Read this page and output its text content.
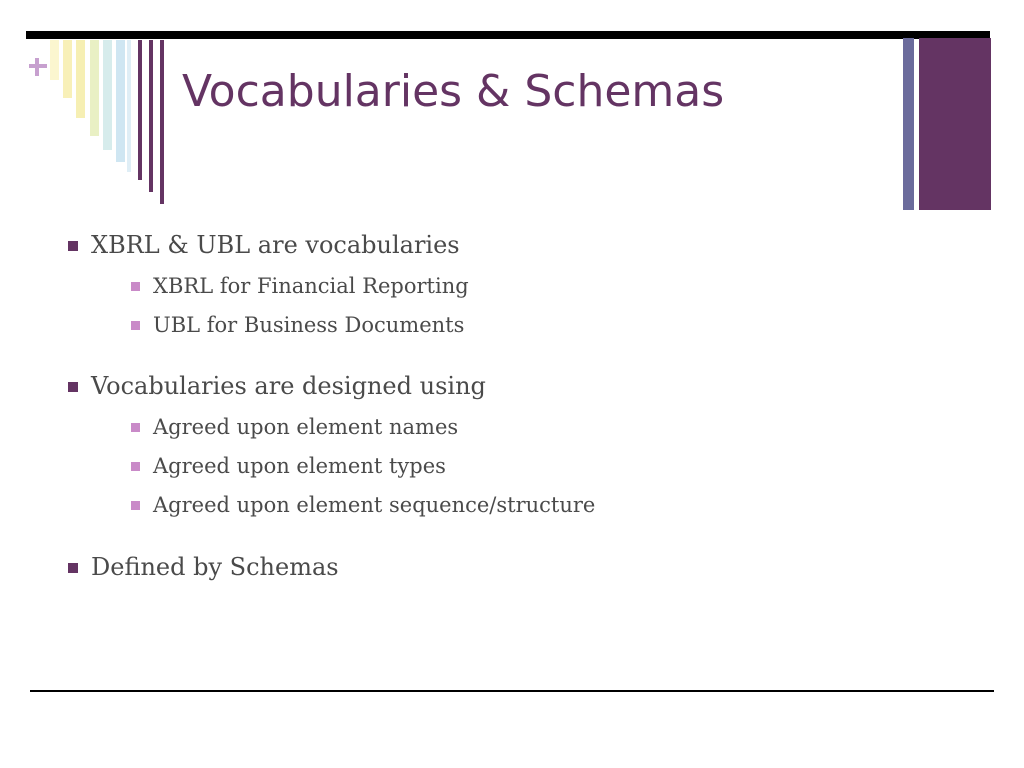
Vocabularies & Schemas
XBRL & UBL are vocabularies
XBRL for Financial Reporting
UBL for Business Documents
Vocabularies are designed using
Agreed upon element names
Agreed upon element types
Agreed upon element sequence/structure
Defined by Schemas
